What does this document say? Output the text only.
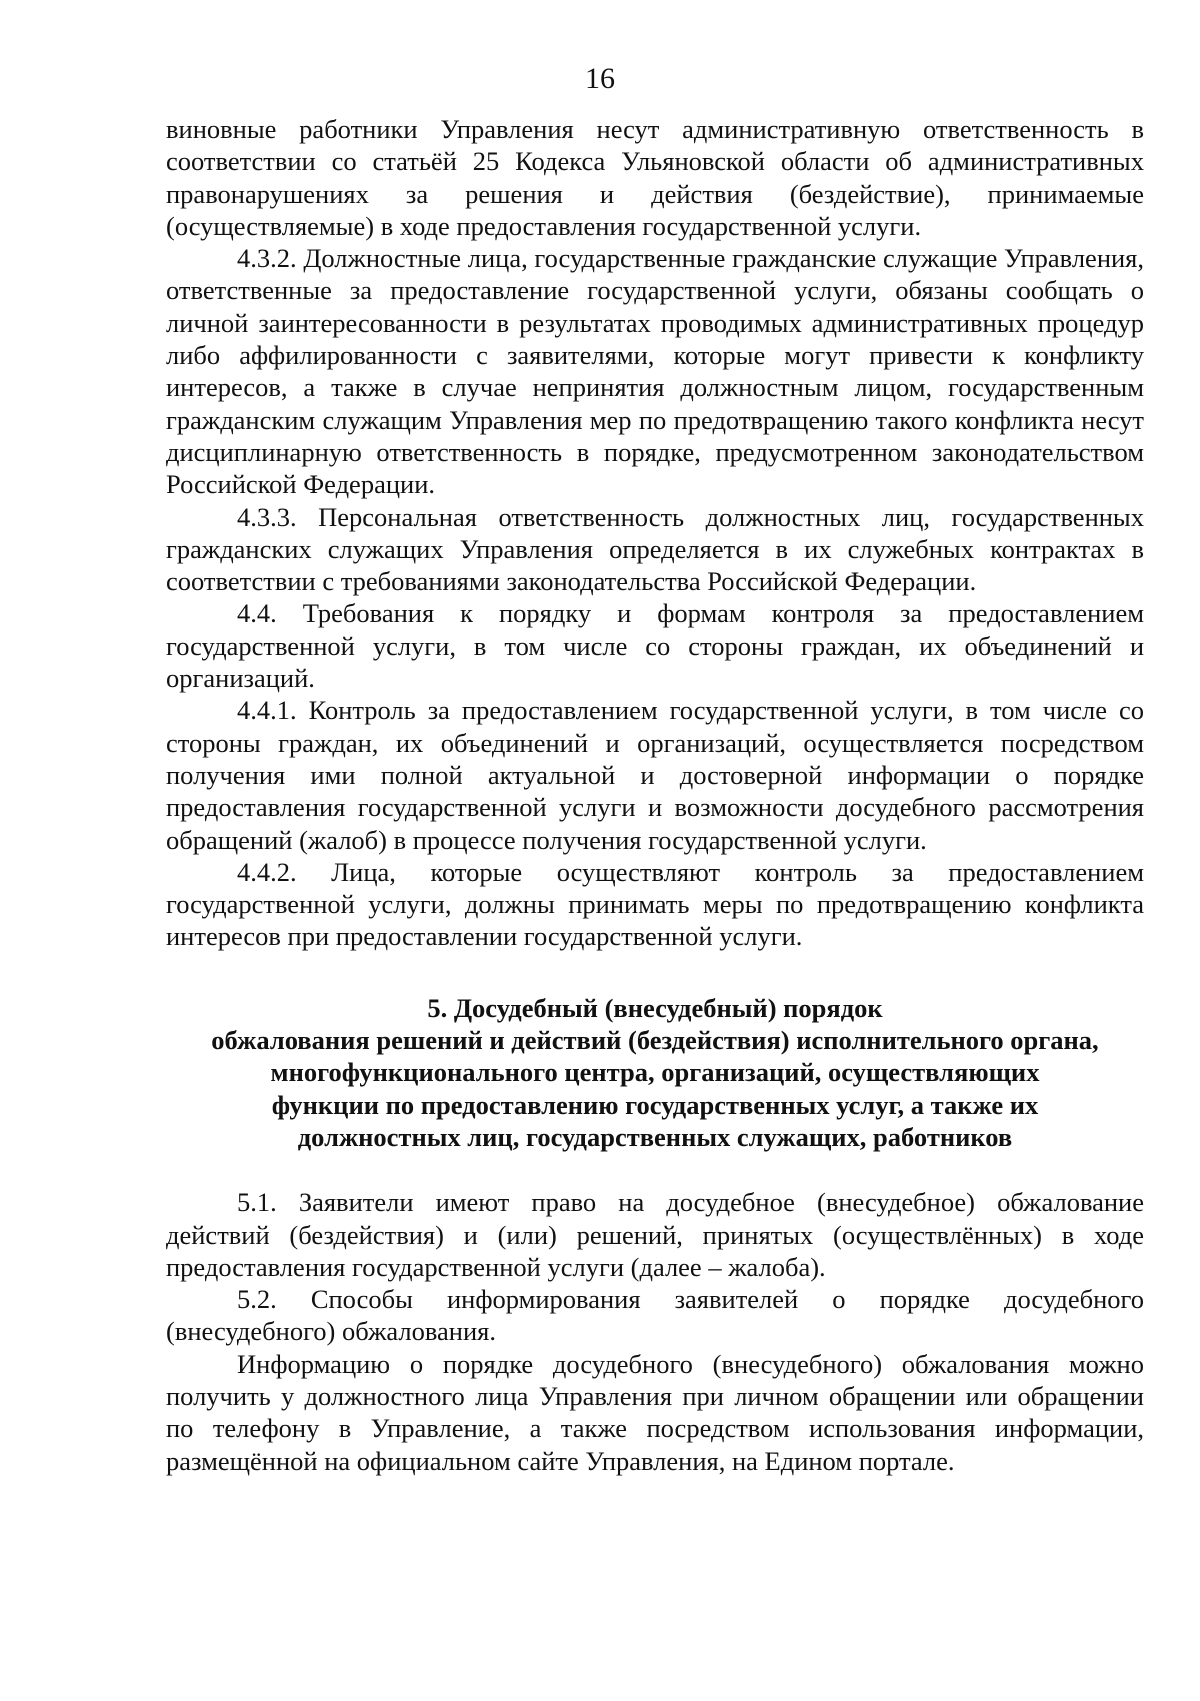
16

виновные работники Управления несут административную ответственность в соответствии со статьёй 25 Кодекса Ульяновской области об административных правонарушениях за решения и действия (бездействие), принимаемые (осуществляемые) в ходе предоставления государственной услуги.

4.3.2. Должностные лица, государственные гражданские служащие Управления, ответственные за предоставление государственной услуги, обязаны сообщать о личной заинтересованности в результатах проводимых административных процедур либо аффилированности с заявителями, которые могут привести к конфликту интересов, а также в случае непринятия должностным лицом, государственным гражданским служащим Управления мер по предотвращению такого конфликта несут дисциплинарную ответственность в порядке, предусмотренном законодательством Российской Федерации.

4.3.3. Персональная ответственность должностных лиц, государственных гражданских служащих Управления определяется в их служебных контрактах в соответствии с требованиями законодательства Российской Федерации.

4.4. Требования к порядку и формам контроля за предоставлением государственной услуги, в том числе со стороны граждан, их объединений и организаций.

4.4.1. Контроль за предоставлением государственной услуги, в том числе со стороны граждан, их объединений и организаций, осуществляется посредством получения ими полной актуальной и достоверной информации о порядке предоставления государственной услуги и возможности досудебного рассмотрения обращений (жалоб) в процессе получения государственной услуги.

4.4.2. Лица, которые осуществляют контроль за предоставлением государственной услуги, должны принимать меры по предотвращению конфликта интересов при предоставлении государственной услуги.

5. Досудебный (внесудебный) порядок
обжалования решений и действий (бездействия) исполнительного органа,
многофункционального центра, организаций, осуществляющих
функции по предоставлению государственных услуг, а также их
должностных лиц, государственных служащих, работников

5.1. Заявители имеют право на досудебное (внесудебное) обжалование действий (бездействия) и (или) решений, принятых (осуществлённых) в ходе предоставления государственной услуги (далее – жалоба).

5.2. Способы информирования заявителей о порядке досудебного (внесудебного) обжалования.

Информацию о порядке досудебного (внесудебного) обжалования можно получить у должностного лица Управления при личном обращении или обращении по телефону в Управление, а также посредством использования информации, размещённой на официальном сайте Управления, на Едином портале.
